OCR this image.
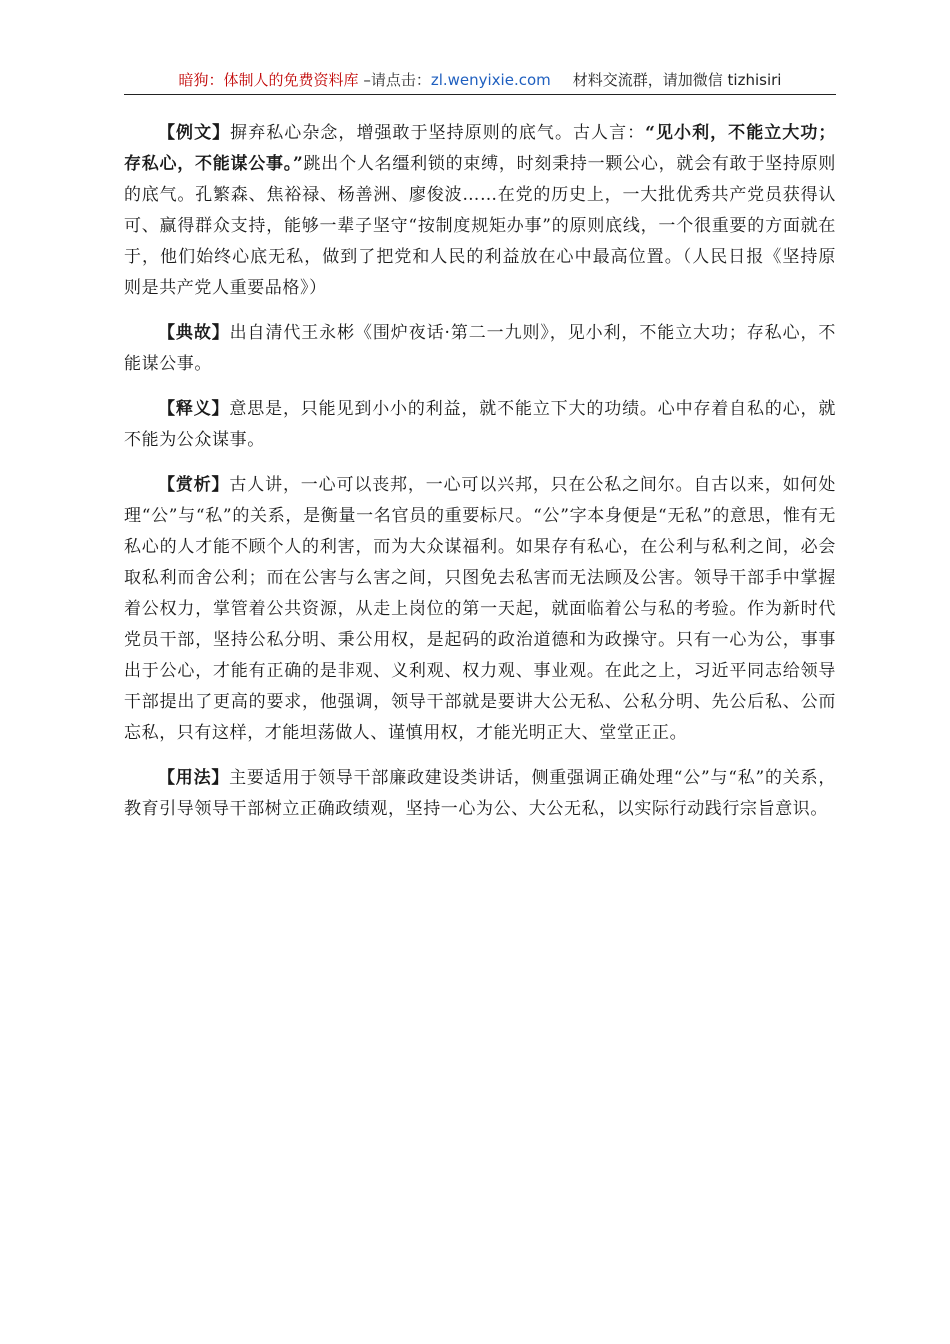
暗狗：体制人的免费资料库 –请点击：zl.wenyixie.com 材料交流群，请加微信 tizhisiri

【例文】摒弃私心杂念，增强敢于坚持原则的底气。古人言：“见小利，不能立大功；存私心，不能谋公事。”跳出个人名缰利锁的束缚，时刻秉持一颗公心，就会有敢于坚持原则的底气。孔繁森、焦裕禄、杨善洲、廖俊波……在党的历史上，一大批优秀共产党员获得认可、赢得群众支持，能够一辈子坚守“按制度规矩办事”的原则底线，一个很重要的方面就在于，他们始终心底无私，做到了把党和人民的利益放在心中最高位置。（人民日报《坚持原则是共产党人重要品格》）

【典故】出自清代王永彬《围炉夜话·第二一九则》，见小利，不能立大功；存私心，不能谋公事。

【释义】意思是，只能见到小小的利益，就不能立下大的功绩。心中存着自私的心，就不能为公众谋事。

【赏析】古人讲，一心可以丧邦，一心可以兴邦，只在公私之间尔。自古以来，如何处理“公”与“私”的关系，是衡量一名官员的重要标尺。“公”字本身便是“无私”的意思，惟有无私心的人才能不顾个人的利害，而为大众谋福利。如果存有私心，在公利与私利之间，必会取私利而舍公利；而在公害与么害之间，只图免去私害而无法顾及公害。领导干部手中掌握着公权力，掌管着公共资源，从走上岗位的第一天起，就面临着公与私的考验。作为新时代党员干部，坚持公私分明、秉公用权，是起码的政治道德和为政操守。只有一心为公，事事出于公心，才能有正确的是非观、义利观、权力观、事业观。在此之上，习近平同志给领导干部提出了更高的要求，他强调，领导干部就是要讲大公无私、公私分明、先公后私、公而忘私，只有这样，才能坦荡做人、谨慎用权，才能光明正大、堂堂正正。

【用法】主要适用于领导干部廉政建设类讲话，侧重强调正确处理“公”与“私”的关系，教育引导领导干部树立正确政绩观，坚持一心为公、大公无私，以实际行动践行宗旨意识。
